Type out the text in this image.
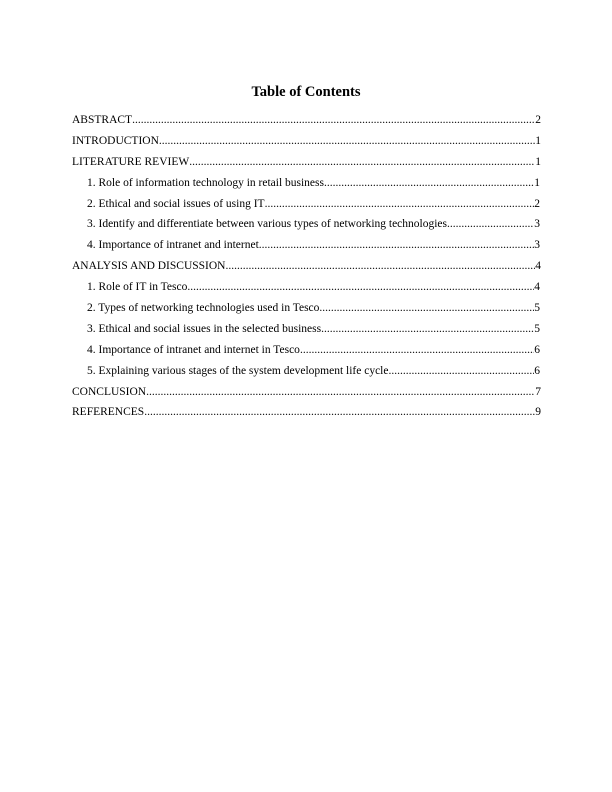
Table of Contents
ABSTRACT .....	2
INTRODUCTION .....	1
LITERATURE REVIEW .....	1
1. Role of information technology in retail business .....	1
2. Ethical and social issues of using IT .....	2
3. Identify and differentiate between various types of networking technologies .....	3
4. Importance of intranet and internet .....	3
ANALYSIS AND DISCUSSION .....	4
1. Role of IT in Tesco .....	4
2. Types of networking technologies used in Tesco .....	5
3. Ethical and social issues in the selected business .....	5
4. Importance of intranet and internet in Tesco .....	6
5. Explaining various stages of the system development life cycle .....	6
CONCLUSION .....	7
REFERENCES .....	9
